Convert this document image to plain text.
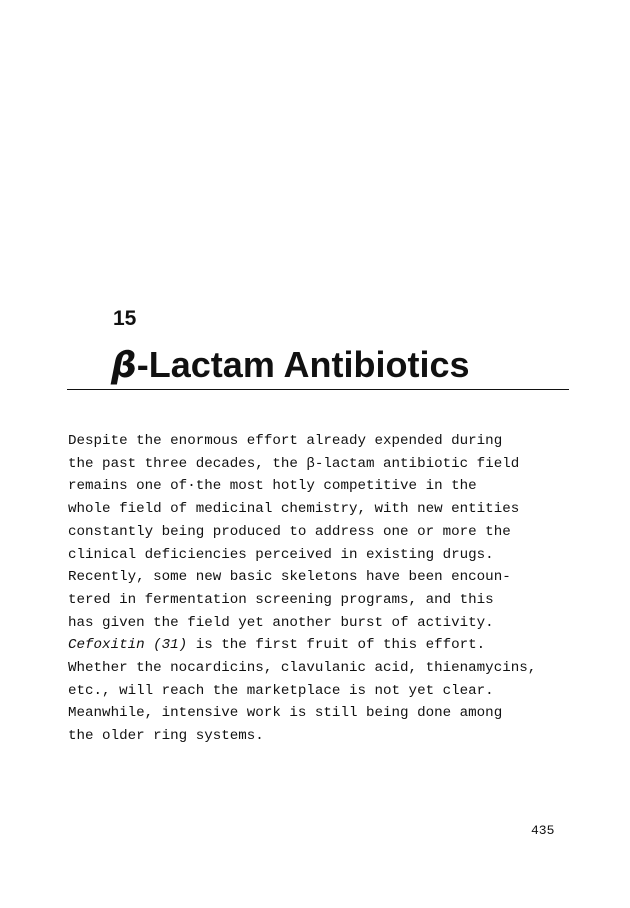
15
β-Lactam Antibiotics
Despite the enormous effort already expended during
the past three decades, the β-lactam antibiotic field
remains one of·the most hotly competitive in the
whole field of medicinal chemistry, with new entities
constantly being produced to address one or more the
clinical deficiencies perceived in existing drugs.
Recently, some new basic skeletons have been encoun-
tered in fermentation screening programs, and this
has given the field yet another burst of activity.
Cefoxitin (31) is the first fruit of this effort.
Whether the nocardicins, clavulanic acid, thienamycins,
etc., will reach the marketplace is not yet clear.
Meanwhile, intensive work is still being done among
the older ring systems.
435
